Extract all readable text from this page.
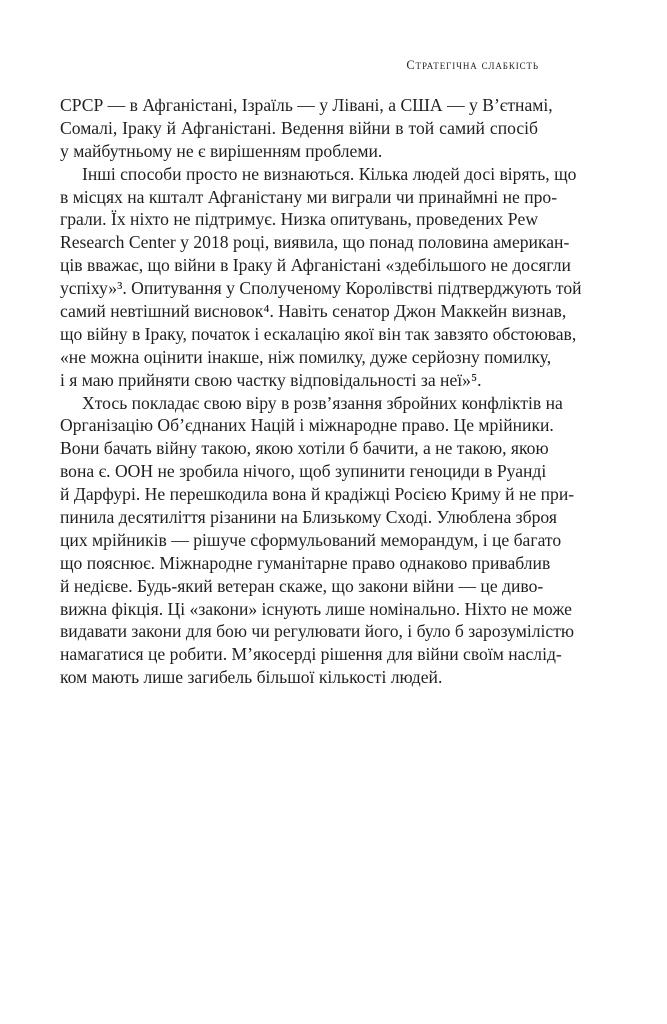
Стратегічна слабкість
СРСР — в Афганістані, Ізраїль — у Лівані, а США — у В’єтнамі,
Сомалі, Іраку й Афганістані. Ведення війни в той самий спосіб
у майбутньому не є вирішенням проблеми.
Інші способи просто не визнаються. Кілька людей досі вірять, що
в місцях на кшталт Афганістану ми виграли чи принаймні не про-
грали. Їх ніхто не підтримує. Низка опитувань, проведених Pew
Research Center у 2018 році, виявила, що понад половина американ-
ців вважає, що війни в Іраку й Афганістані «здебільшого не досягли
успіху»³. Опитування у Сполученому Королівстві підтверджують той
самий невтішний висновок⁴. Навіть сенатор Джон Маккейн визнав,
що війну в Іраку, початок і ескалацію якої він так завзято обстоював,
«не можна оцінити інакше, ніж помилку, дуже серйозну помилку,
і я маю прийняти свою частку відповідальності за неї»⁵.
Хтось покладає свою віру в розв’язання збройних конфліктів на
Організацію Об’єднаних Націй і міжнародне право. Це мрійники.
Вони бачать війну такою, якою хотіли б бачити, а не такою, якою
вона є. ООН не зробила нічого, щоб зупинити геноциди в Руанді
й Дарфурі. Не перешкодила вона й крадіжці Росією Криму й не при-
пинила десятиліття різанини на Близькому Сході. Улюблена зброя
цих мрійників — рішуче сформульований меморандум, і це багато
що пояснює. Міжнародне гуманітарне право однаково приваблив
й недієве. Будь-який ветеран скаже, що закони війни — це диво-
вижна фікція. Ці «закони» існують лише номінально. Ніхто не може
видавати закони для бою чи регулювати його, і було б зарозумілістю
намагатися це робити. М’якосерді рішення для війни своїм наслід-
ком мають лише загибель більшої кількості людей.
